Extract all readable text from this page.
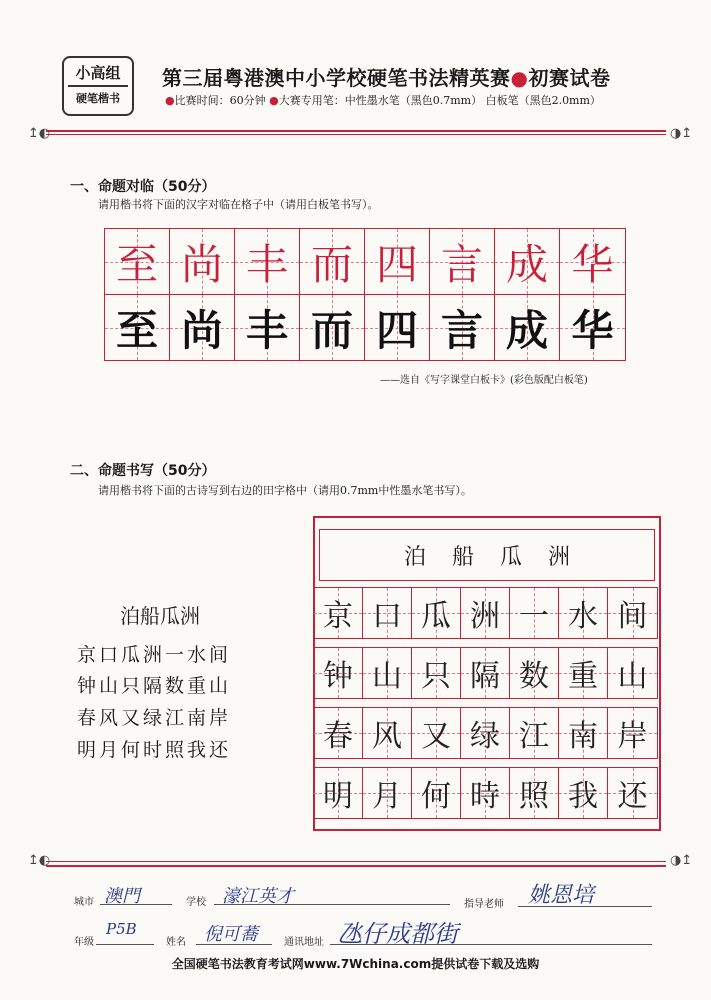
小高组
硬笔楷书
第三届粤港澳中小学校硬笔书法精英赛●初赛试卷
●比赛时间：60分钟 ●大赛专用笔：中性墨水笔（黑色0.7mm） 白板笔（黑色2.0mm）
↥◐	◑↥
一、命题对临（50分）
请用楷书将下面的汉字对临在格子中（请用白板笔书写）。
至 尚 丰 而 四 言 成 华
至 尚 丰 而 四 言 成 华
——选自《写字课堂白板卡》(彩色版配白板笔)
二、命题书写（50分）
请用楷书将下面的古诗写到右边的田字格中（请用0.7mm中性墨水笔书写）。
泊船瓜洲
京口瓜洲一水间
钟山只隔数重山
春风又绿江南岸
明月何时照我还
泊船瓜洲
京 口 瓜 洲 一 水 间
钟 山 只 隔 数 重 山
春 风 又 绿 江 南 岸
明 月 何 時 照 我 还
↥◐	◑↥
城市 澳門	学校 濠江英才	指导老师 姚恩培
年级
P5B
姓名 倪可蕎	通讯地址 氹仔成都街
全国硬笔书法教育考试网www.7Wchina.com提供试卷下载及选购
